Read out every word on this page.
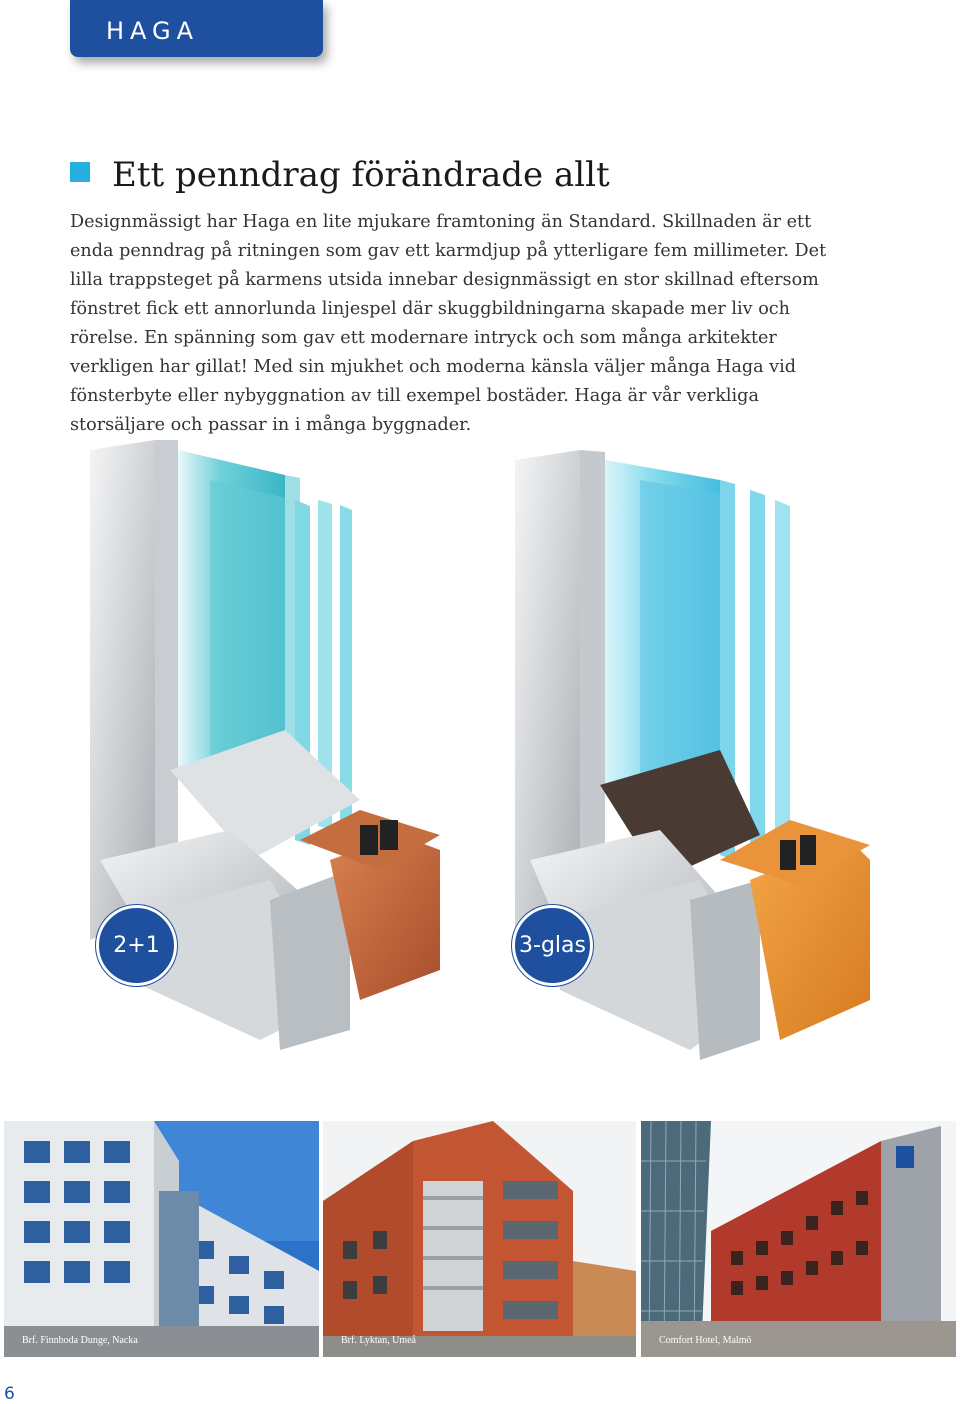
HAGA
Ett penndrag förändrade allt

Designmässigt har Haga en lite mjukare framtoning än Standard. Skillnaden är ett enda penndrag på ritningen som gav ett karmdjup på ytterligare fem millimeter. Det lilla trappsteget på karmens utsida innebar designmässigt en stor skillnad eftersom fönstret fick ett annorlunda linjespel där skuggbildningarna skapade mer liv och rörelse. En spänning som gav ett modernare intryck och som många arkitekter verkligen har gillat! Med sin mjukhet och moderna känsla väljer många Haga vid fönsterbyte eller nybyggnation av till exempel bostäder. Haga är vår verkliga storsäljare och passar in i många byggnader.

2+1	3-glas
Brf. Finnboda Dunge, Nacka	Brf. Lyktan, Umeå	Comfort Hotel, Malmö
6
